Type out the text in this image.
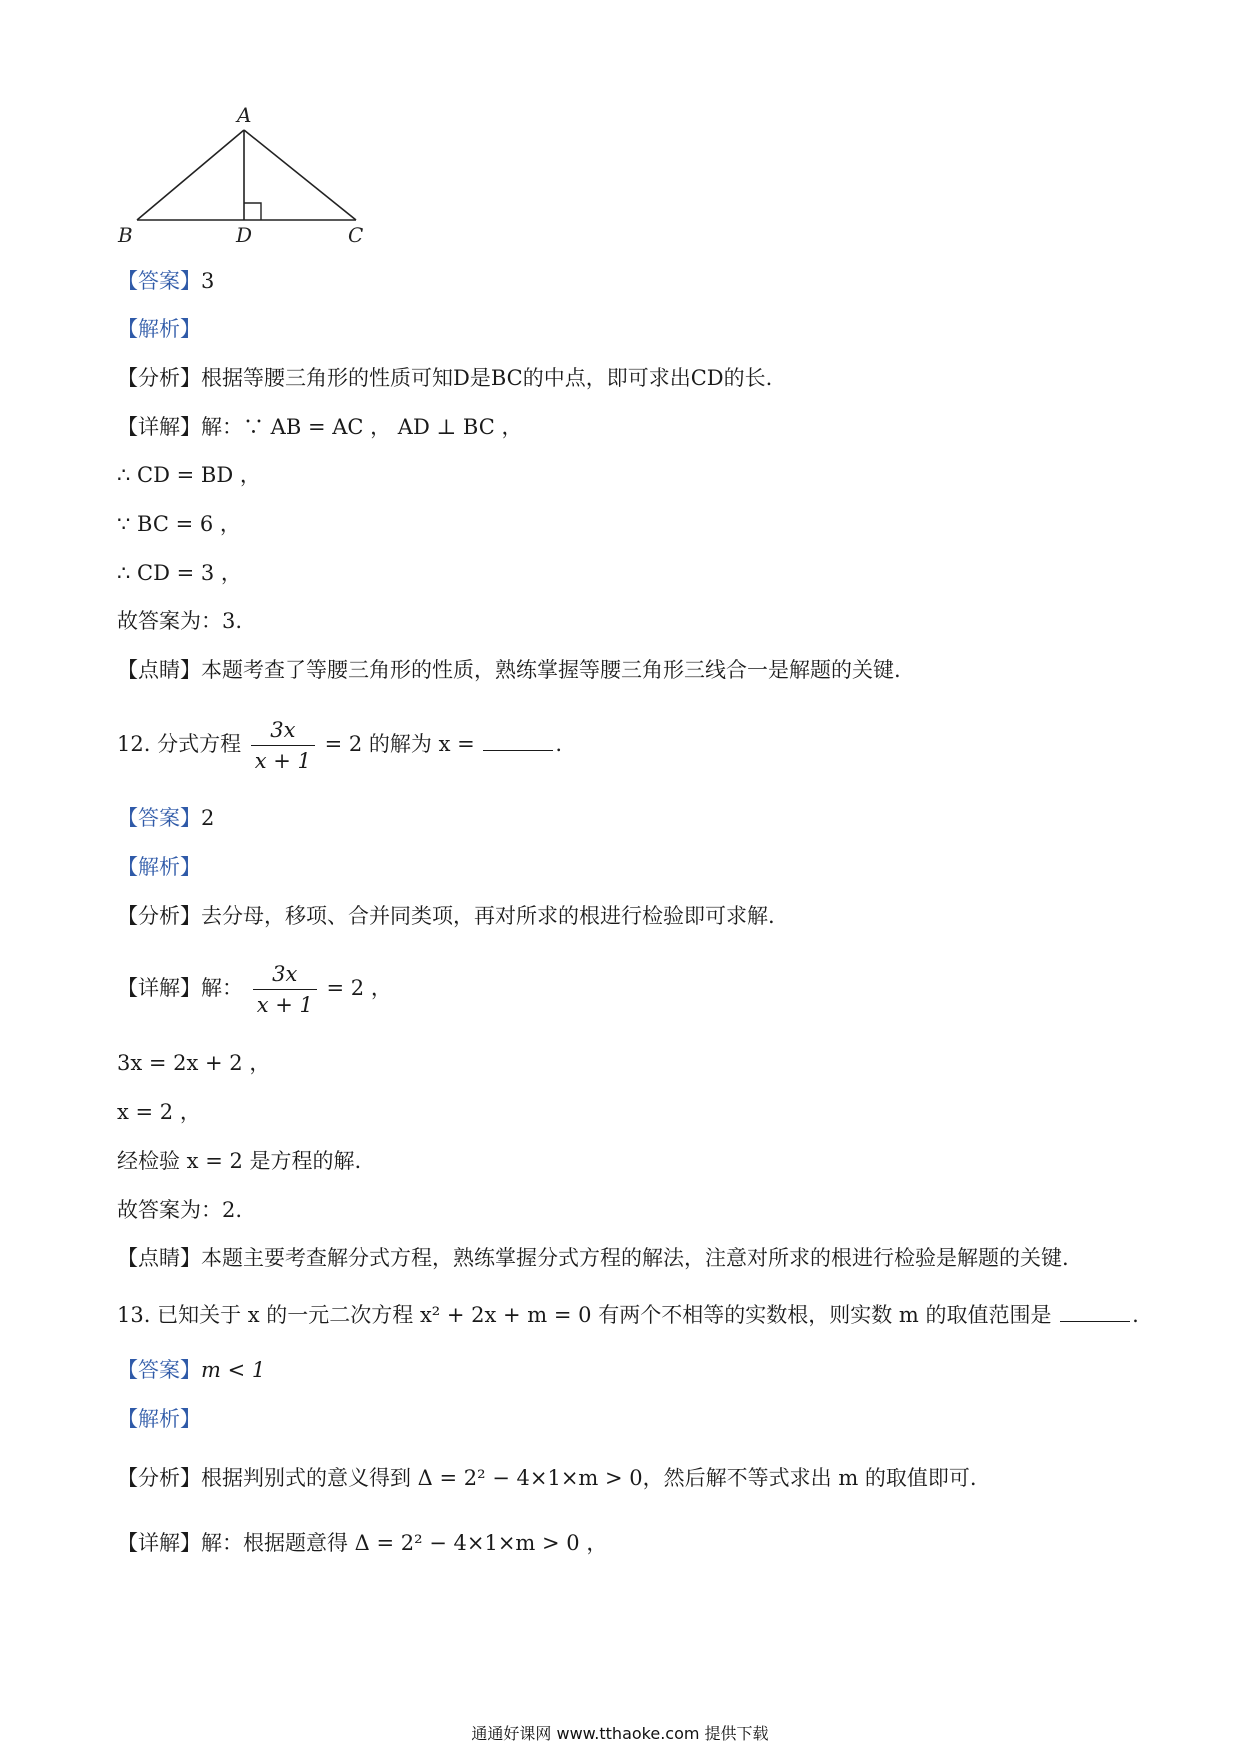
A
B	D	C
【答案】3
【解析】
【分析】根据等腰三角形的性质可知D是BC的中点，即可求出CD的长.
【详解】解：∵ AB = AC ， AD ⊥ BC ，
∴ CD = BD ，
∵ BC = 6 ，
∴ CD = 3 ，
故答案为：3.
【点睛】本题考查了等腰三角形的性质，熟练掌握等腰三角形三线合一是解题的关键.
12. 分式方程 $\frac{3x}{x + 1} = 2$ 的解为 x =	.
【答案】2
【解析】
【分析】去分母，移项、合并同类项，再对所求的根进行检验即可求解.
【详解】解： $\frac{3x}{x + 1} = 2$ ，
3x = 2x + 2 ，
x = 2 ，
经检验 x = 2 是方程的解.
故答案为：2.
【点睛】本题主要考查解分式方程，熟练掌握分式方程的解法，注意对所求的根进行检验是解题的关键.
13. 已知关于 x 的一元二次方程 x² + 2x + m = 0 有两个不相等的实数根，则实数 m 的取值范围是	.
【答案】m < 1
【解析】
【分析】根据判别式的意义得到 Δ = 2² − 4×1×m > 0，然后解不等式求出 m 的取值即可.
【详解】解：根据题意得 Δ = 2² − 4×1×m > 0 ，
通通好课网 www.tthaoke.com 提供下载
